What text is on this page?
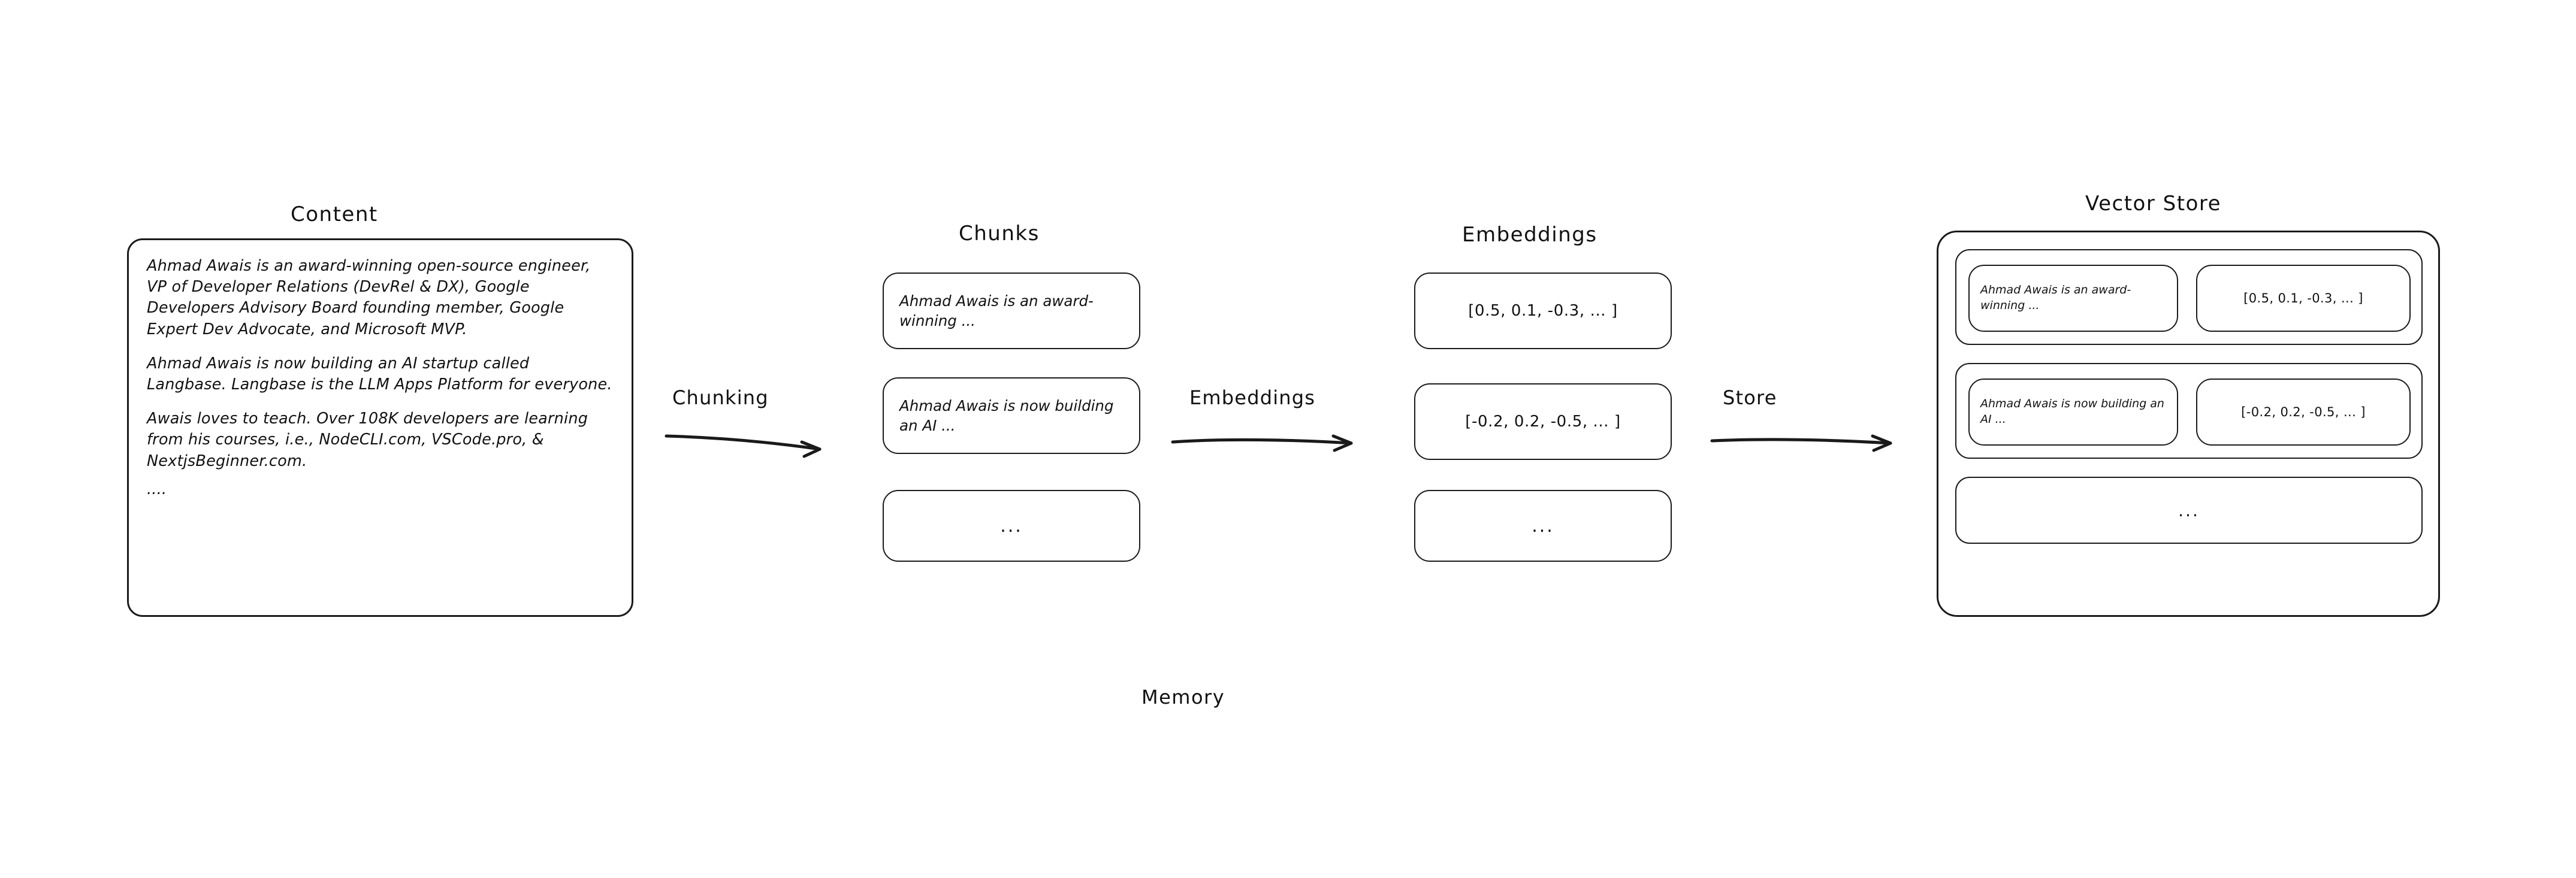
Content
Chunks	Embeddings
Vector Store

Ahmad Awais is an award-winning open-source engineer, VP of Developer Relations (DevRel & DX), Google Developers Advisory Board founding member, Google Expert Dev Advocate, and Microsoft MVP.

Ahmad Awais is now building an AI startup called Langbase. Langbase is the LLM Apps Platform for everyone.

Awais loves to teach. Over 108K developers are learning from his courses, i.e., NodeCLI.com, VSCode.pro, & NextjsBeginner.com.

....

Chunking
Ahmad Awais is an award-winning ...
Ahmad Awais is now building an AI ...
...
Embeddings
[0.5, 0.1, -0.3, ... ]
[-0.2, 0.2, -0.5, ... ]
...
Store
Ahmad Awais is an award-winning ...	[0.5, 0.1, -0.3, ... ]
Ahmad Awais is now building an AI ...	[-0.2, 0.2, -0.5, ... ]
...
Memory
